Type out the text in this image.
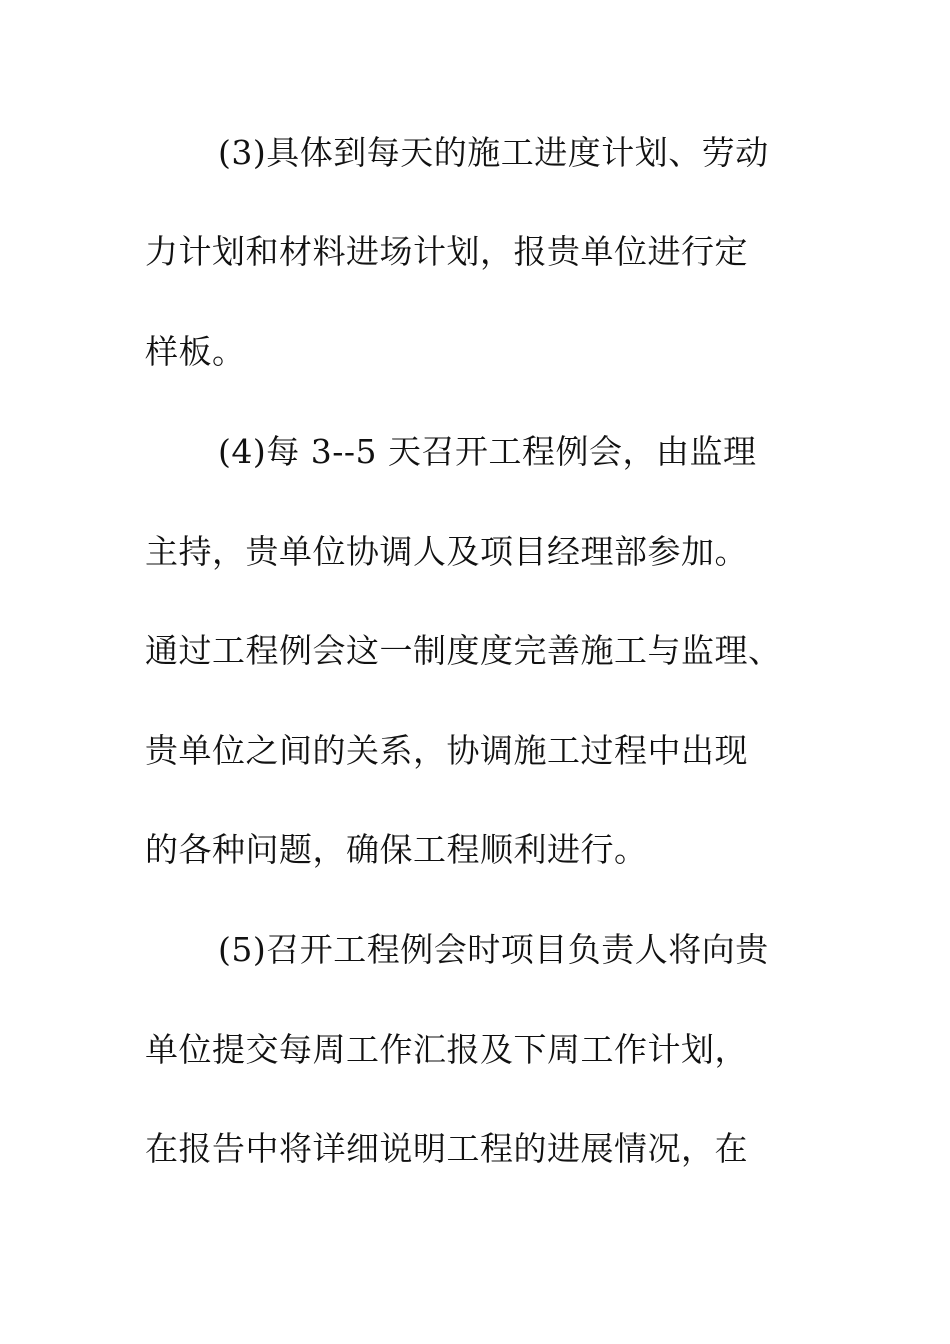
(3)具体到每天的施工进度计划、劳动
力计划和材料进场计划，报贵单位进行定
样板。
(4)每 3--5 天召开工程例会，由监理
主持，贵单位协调人及项目经理部参加。
通过工程例会这一制度度完善施工与监理、
贵单位之间的关系，协调施工过程中出现
的各种问题，确保工程顺利进行。
(5)召开工程例会时项目负责人将向贵
单位提交每周工作汇报及下周工作计划，
在报告中将详细说明工程的进展情况，在
